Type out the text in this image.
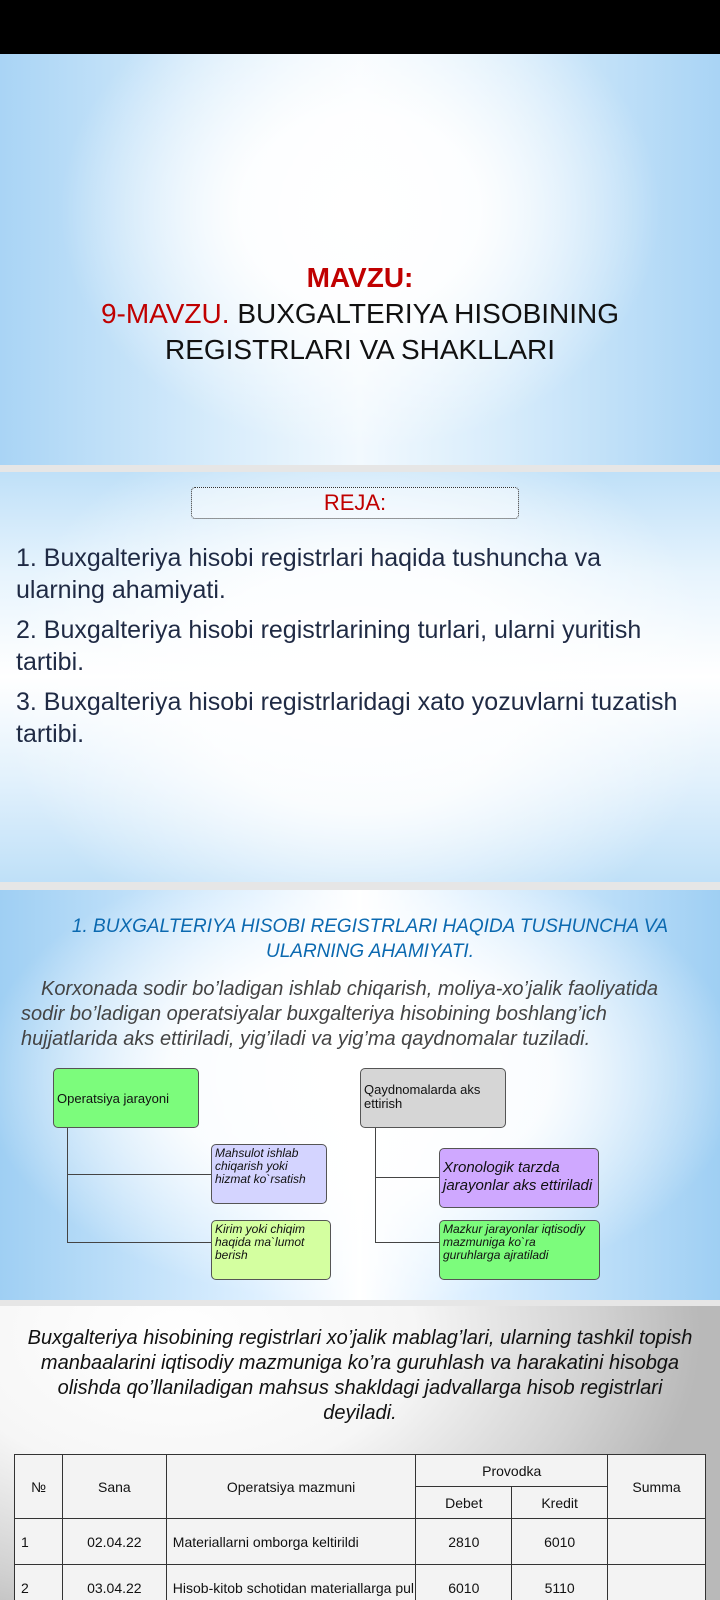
MAVZU:
9-MAVZU. BUXGALTERIYA HISOBINING
REGISTRLARI VA SHAKLLARI
REJA:
1. Buxgalteriya hisobi registrlari haqida tushuncha va ularning ahamiyati.
2. Buxgalteriya hisobi registrlarining turlari, ularni yuritish tartibi.
3. Buxgalteriya hisobi registrlaridagi xato yozuvlarni tuzatish tartibi.
1. BUXGALTERIYA HISOBI REGISTRLARI HAQIDA TUSHUNCHA VA ULARNING AHAMIYATI.
Korxonada sodir bo’ladigan ishlab chiqarish, moliya-xo’jalik faoliyatida sodir bo’ladigan operatsiyalar buxgalteriya hisobining boshlang’ich hujjatlarida aks ettiriladi, yig’iladi va yig’ma qaydnomalar tuziladi.
Operatsiya jarayoni
Mahsulot ishlab chiqarish yoki hizmat ko`rsatish
Kirim yoki chiqim haqida ma`lumot berish
Qaydnomalarda aks ettirish
Xronologik tarzda jarayonlar aks ettiriladi
Mazkur jarayonlar iqtisodiy mazmuniga ko`ra guruhlarga ajratiladi
Buxgalteriya hisobining registrlari xo’jalik mablag’lari, ularning tashkil topish manbaalarini iqtisodiy mazmuniga ko’ra guruhlash va harakatini hisobga olishda qo’llaniladigan mahsus shakldagi jadvallarga hisob registrlari deyiladi.
№	Sana	Operatsiya mazmuni	Provodka		Summa
			Debet	Kredit	
1	02.04.22	Materiallarni omborga keltirildi	2810	6010	
2	03.04.22	Hisob-kitob schotidan materiallarga pul	6010	5110	
